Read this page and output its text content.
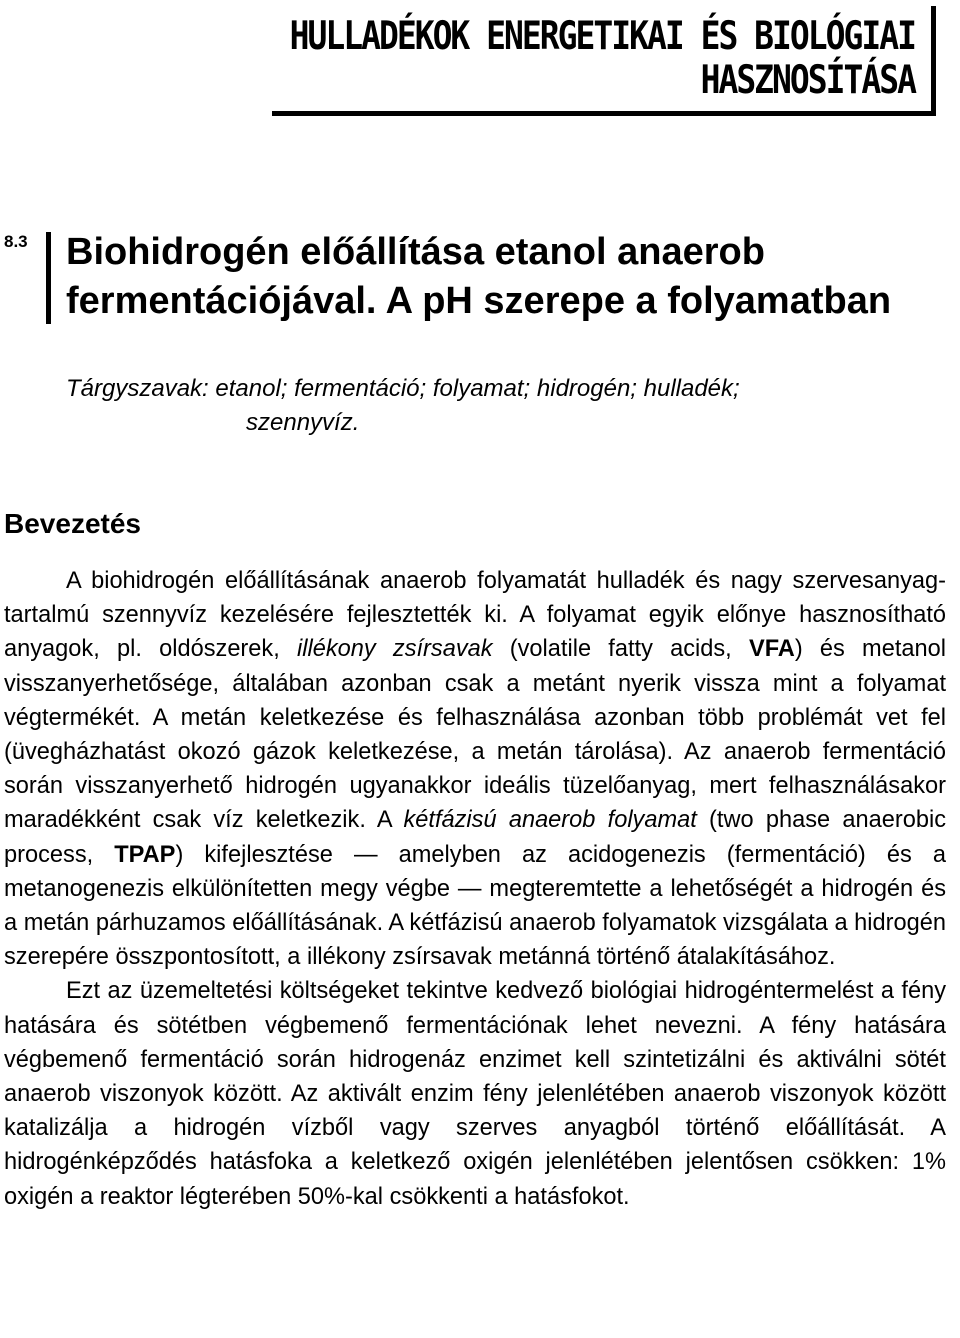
HULLADÉKOK ENERGETIKAI ÉS BIOLÓGIAI
HASZNOSÍTÁSA
8.3 Biohidrogén előállítása etanol anaerob
fermentációjával. A pH szerepe a folyamatban
Tárgyszavak: etanol; fermentáció; folyamat; hidrogén; hulladék;
szennyvíz.
Bevezetés

A biohidrogén előállításának anaerob folyamatát hulladék és nagy szervesanyag-tartalmú szennyvíz kezelésére fejlesztették ki. A folyamat egyik előnye hasznosítható anyagok, pl. oldószerek, illékony zsírsavak (volatile fatty acids, VFA) és metanol visszanyerhetősége, általában azonban csak a metánt nyerik vissza mint a folyamat végtermékét. A metán keletkezése és felhasználása azonban több problémát vet fel (üvegházhatást okozó gázok keletkezése, a metán tárolása). Az anaerob fermentáció során visszanyerhető hidrogén ugyanakkor ideális tüzelőanyag, mert felhasználásakor maradékként csak víz keletkezik. A kétfázisú anaerob folyamat (two phase anaerobic process, TPAP) kifejlesztése — amelyben az acidogenezis (fermentáció) és a metanogenezis elkülönítetten megy végbe — megteremtette a lehetőségét a hidrogén és a metán párhuzamos előállításának. A kétfázisú anaerob folyamatok vizsgálata a hidrogén szerepére összpontosított, a illékony zsírsavak metánná történő átalakításához.

Ezt az üzemeltetési költségeket tekintve kedvező biológiai hidrogéntermelést a fény hatására és sötétben végbemenő fermentációnak lehet nevezni. A fény hatására végbemenő fermentáció során hidrogenáz enzimet kell szintetizálni és aktiválni sötét anaerob viszonyok között. Az aktivált enzim fény jelenlétében anaerob viszonyok között katalizálja a hidrogén vízből vagy szerves anyagból történő előállítását. A hidrogénképződés hatásfoka a keletkező oxigén jelenlétében jelentősen csökken: 1% oxigén a reaktor légterében 50%-kal csökkenti a hatásfokot.
